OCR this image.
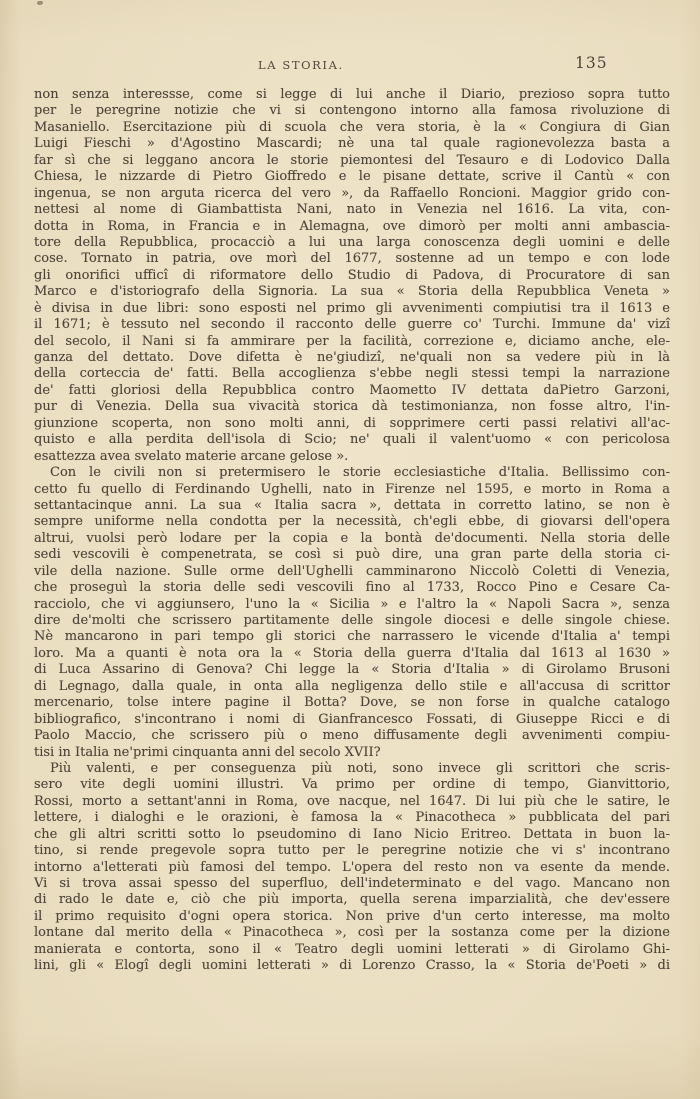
LA STORIA.	135
non senza interessse, come si legge di lui anche il Diario, prezioso sopra tutto
per le peregrine notizie che vi si contengono intorno alla famosa rivoluzione di
Masaniello. Esercitazione più di scuola che vera storia, è la « Congiura di Gian
Luigi Fieschi » d'Agostino Mascardi; nè una tal quale ragionevolezza basta a
far sì che si leggano ancora le storie piemontesi del Tesauro e di Lodovico Dalla
Chiesa, le nizzarde di Pietro Gioffredo e le pisane dettate, scrive il Cantù « con
ingenua, se non arguta ricerca del vero », da Raffaello Roncioni. Maggior grido con-
nettesi al nome di Giambattista Nani, nato in Venezia nel 1616. La vita, con-
dotta in Roma, in Francia e in Alemagna, ove dimorò per molti anni ambascia-
tore della Repubblica, procacciò a lui una larga conoscenza degli uomini e delle
cose. Tornato in patria, ove morì del 1677, sostenne ad un tempo e con lode
gli onorifici ufficî di riformatore dello Studio di Padova, di Procuratore di san
Marco e d'istoriografo della Signoria. La sua « Storia della Repubblica Veneta »
è divisa in due libri: sono esposti nel primo gli avvenimenti compiutisi tra il 1613 e
il 1671; è tessuto nel secondo il racconto delle guerre co' Turchi. Immune da' vizî
del secolo, il Nani si fa ammirare per la facilità, correzione e, diciamo anche, ele-
ganza del dettato. Dove difetta è ne'giudizî, ne'quali non sa vedere più in là
della corteccia de' fatti. Bella accoglienza s'ebbe negli stessi tempi la narrazione
de' fatti gloriosi della Repubblica contro Maometto IV dettata daPietro Garzoni,
pur di Venezia. Della sua vivacità storica dà testimonianza, non fosse altro, l'in-
giunzione scoperta, non sono molti anni, di sopprimere certi passi relativi all'ac-
quisto e alla perdita dell'isola di Scio; ne' quali il valent'uomo « con pericolosa
esattezza avea svelato materie arcane gelose ».
Con le civili non si pretermisero le storie ecclesiastiche d'Italia. Bellissimo con-
cetto fu quello di Ferdinando Ughelli, nato in Firenze nel 1595, e morto in Roma a
settantacinque anni. La sua « Italia sacra », dettata in corretto latino, se non è
sempre uniforme nella condotta per la necessità, ch'egli ebbe, di giovarsi dell'opera
altrui, vuolsi però lodare per la copia e la bontà de'documenti. Nella storia delle
sedi vescovili è compenetrata, se così si può dire, una gran parte della storia ci-
vile della nazione. Sulle orme dell'Ughelli camminarono Niccolò Coletti di Venezia,
che proseguì la storia delle sedi vescovili fino al 1733, Rocco Pino e Cesare Ca-
racciolo, che vi aggiunsero, l'uno la « Sicilia » e l'altro la « Napoli Sacra », senza
dire de'molti che scrissero partitamente delle singole diocesi e delle singole chiese.
Nè mancarono in pari tempo gli storici che narrassero le vicende d'Italia a' tempi
loro. Ma a quanti è nota ora la « Storia della guerra d'Italia dal 1613 al 1630 »
di Luca Assarino di Genova? Chi legge la « Storia d'Italia » di Girolamo Brusoni
di Legnago, dalla quale, in onta alla negligenza dello stile e all'accusa di scrittor
mercenario, tolse intere pagine il Botta? Dove, se non forse in qualche catalogo
bibliografico, s'incontrano i nomi di Gianfrancesco Fossati, di Giuseppe Ricci e di
Paolo Maccio, che scrissero più o meno diffusamente degli avvenimenti compiu-
tisi in Italia ne'primi cinquanta anni del secolo XVII?
Più valenti, e per conseguenza più noti, sono invece gli scrittori che scris-
sero vite degli uomini illustri. Va primo per ordine di tempo, Gianvittorio,
Rossi, morto a settant'anni in Roma, ove nacque, nel 1647. Di lui più che le satire, le
lettere, i dialoghi e le orazioni, è famosa la « Pinacotheca » pubblicata del pari
che gli altri scritti sotto lo pseudomino di Iano Nicio Eritreo. Dettata in buon la-
tino, si rende pregevole sopra tutto per le peregrine notizie che vi s' incontrano
intorno a'letterati più famosi del tempo. L'opera del resto non va esente da mende.
Vi si trova assai spesso del superfluo, dell'indeterminato e del vago. Mancano non
di rado le date e, ciò che più importa, quella serena imparzialità, che dev'essere
il primo requisito d'ogni opera storica. Non prive d'un certo interesse, ma molto
lontane dal merito della « Pinacotheca », così per la sostanza come per la dizione
manierata e contorta, sono il « Teatro degli uomini letterati » di Girolamo Ghi-
lini, gli « Elogî degli uomini letterati » di Lorenzo Crasso, la « Storia de'Poeti » di
